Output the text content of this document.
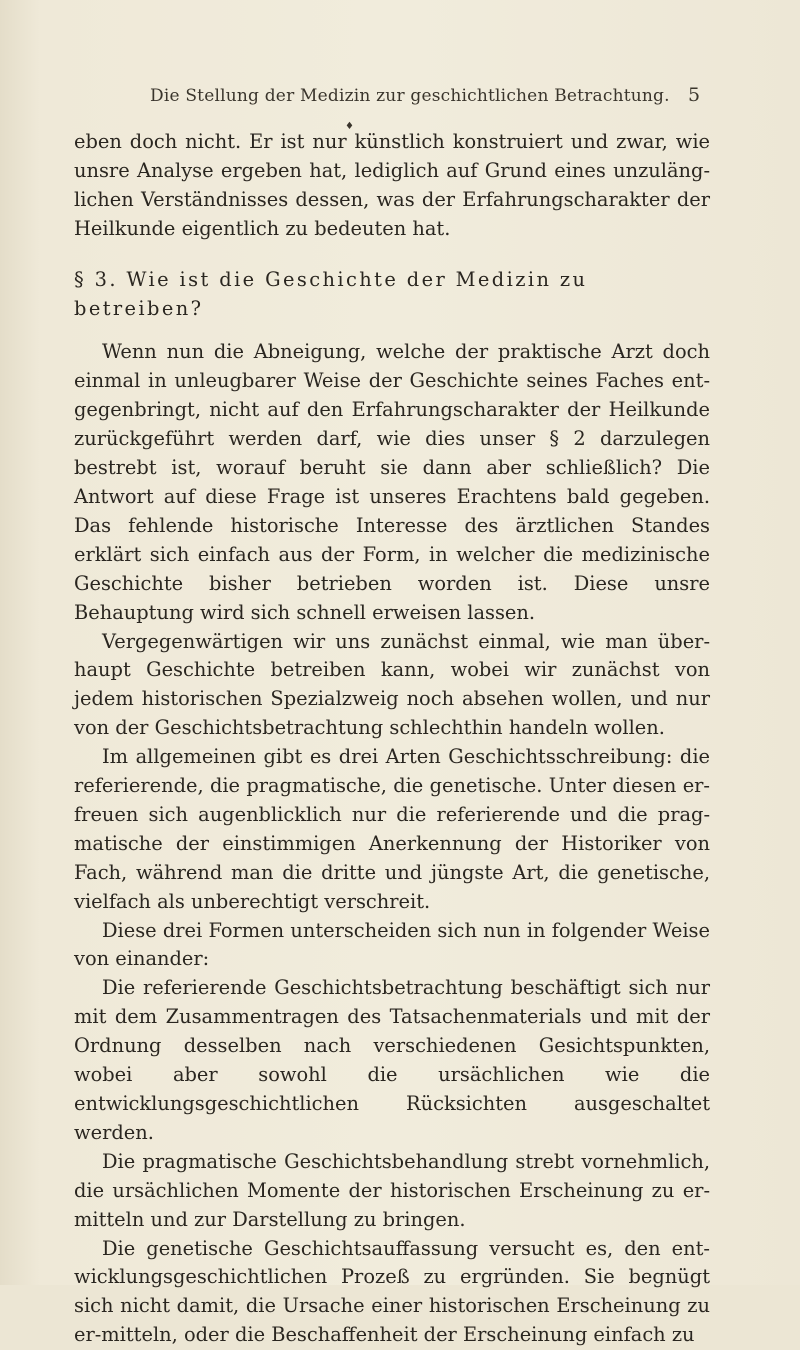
Die Stellung der Medizin zur geschichtlichen Betrachtung. 5
♦

eben doch nicht. Er ist nur künstlich konstruiert und zwar, wie unsre Analyse ergeben hat, lediglich auf Grund eines unzuläng-lichen Verständnisses dessen, was der Erfahrungscharakter der Heilkunde eigentlich zu bedeuten hat.

§ 3. Wie ist die Geschichte der Medizin zu betreiben?

Wenn nun die Abneigung, welche der praktische Arzt doch einmal in unleugbarer Weise der Geschichte seines Faches ent-gegenbringt, nicht auf den Erfahrungscharakter der Heilkunde zurückgeführt werden darf, wie dies unser § 2 darzulegen bestrebt ist, worauf beruht sie dann aber schließlich? Die Antwort auf diese Frage ist unseres Erachtens bald gegeben. Das fehlende historische Interesse des ärztlichen Standes erklärt sich einfach aus der Form, in welcher die medizinische Geschichte bisher betrieben worden ist. Diese unsre Behauptung wird sich schnell erweisen lassen.

Vergegenwärtigen wir uns zunächst einmal, wie man über-haupt Geschichte betreiben kann, wobei wir zunächst von jedem historischen Spezialzweig noch absehen wollen, und nur von der Geschichtsbetrachtung schlechthin handeln wollen.

Im allgemeinen gibt es drei Arten Geschichtsschreibung: die referierende, die pragmatische, die genetische. Unter diesen er-freuen sich augenblicklich nur die referierende und die prag-matische der einstimmigen Anerkennung der Historiker von Fach, während man die dritte und jüngste Art, die genetische, vielfach als unberechtigt verschreit.

Diese drei Formen unterscheiden sich nun in folgender Weise von einander:

Die referierende Geschichtsbetrachtung beschäftigt sich nur mit dem Zusammentragen des Tatsachenmaterials und mit der Ordnung desselben nach verschiedenen Gesichtspunkten, wobei aber sowohl die ursächlichen wie die entwicklungsgeschichtlichen Rücksichten ausgeschaltet werden.

Die pragmatische Geschichtsbehandlung strebt vornehmlich, die ursächlichen Momente der historischen Erscheinung zu er-mitteln und zur Darstellung zu bringen.

Die genetische Geschichtsauffassung versucht es, den ent-wicklungsgeschichtlichen Prozeß zu ergründen. Sie begnügt sich nicht damit, die Ursache einer historischen Erscheinung zu er-mitteln, oder die Beschaffenheit der Erscheinung einfach zu
